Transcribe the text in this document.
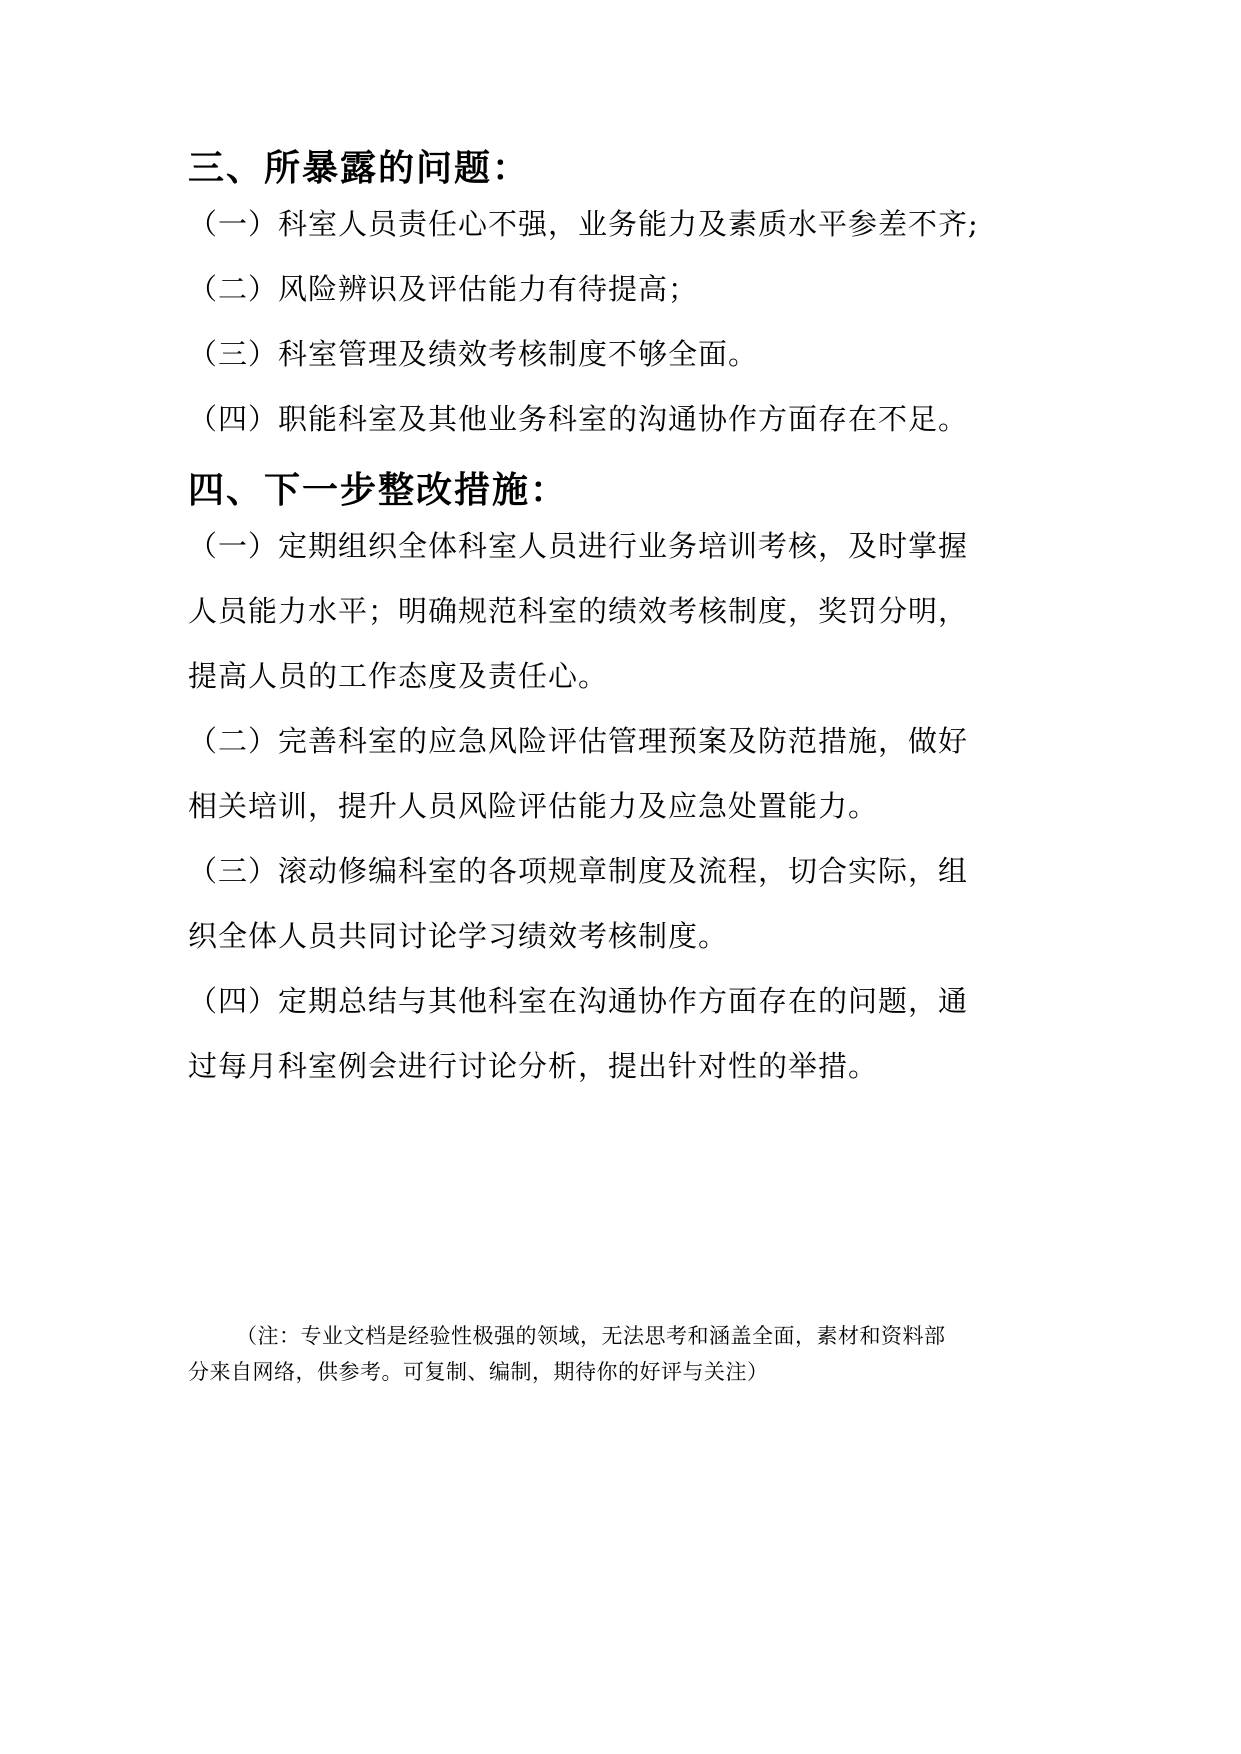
三、所暴露的问题：

（一）科室人员责任心不强，业务能力及素质水平参差不齐;

（二）风险辨识及评估能力有待提高；

（三）科室管理及绩效考核制度不够全面。

（四）职能科室及其他业务科室的沟通协作方面存在不足。

四、下一步整改措施：

（一）定期组织全体科室人员进行业务培训考核，及时掌握
人员能力水平；明确规范科室的绩效考核制度，奖罚分明，
提高人员的工作态度及责任心。

（二）完善科室的应急风险评估管理预案及防范措施，做好
相关培训，提升人员风险评估能力及应急处置能力。

（三）滚动修编科室的各项规章制度及流程，切合实际，组
织全体人员共同讨论学习绩效考核制度。

（四）定期总结与其他科室在沟通协作方面存在的问题，通
过每月科室例会进行讨论分析，提出针对性的举措。

（注：专业文档是经验性极强的领域，无法思考和涵盖全面，素材和资料部
分来自网络，供参考。可复制、编制，期待你的好评与关注）
